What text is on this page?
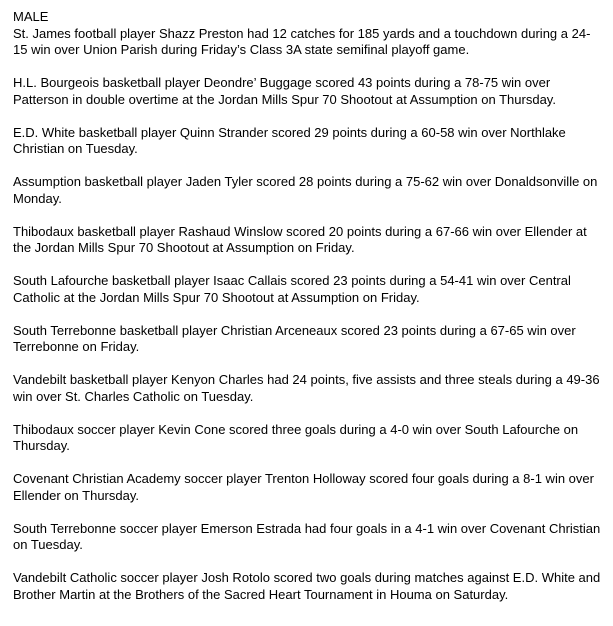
MALE

St. James football player Shazz Preston had 12 catches for 185 yards and a touchdown during a 24-15 win over Union Parish during Friday’s Class 3A state semifinal playoff game.
H.L. Bourgeois basketball player Deondre’ Buggage scored 43 points during a 78-75 win over Patterson in double overtime at the Jordan Mills Spur 70 Shootout at Assumption on Thursday.
E.D. White basketball player Quinn Strander scored 29 points during a 60-58 win over Northlake Christian on Tuesday.
Assumption basketball player Jaden Tyler scored 28 points during a 75-62 win over Donaldsonville on Monday.
Thibodaux basketball player Rashaud Winslow scored 20 points during a 67-66 win over Ellender at the Jordan Mills Spur 70 Shootout at Assumption on Friday.
South Lafourche basketball player Isaac Callais scored 23 points during a 54-41 win over Central Catholic at the Jordan Mills Spur 70 Shootout at Assumption on Friday.
South Terrebonne basketball player Christian Arceneaux scored 23 points during a 67-65 win over Terrebonne on Friday.
Vandebilt basketball player Kenyon Charles had 24 points, five assists and three steals during a 49-36 win over St. Charles Catholic on Tuesday.
Thibodaux soccer player Kevin Cone scored three goals during a 4-0 win over South Lafourche on Thursday.
Covenant Christian Academy soccer player Trenton Holloway scored four goals during a 8-1 win over Ellender on Thursday.
South Terrebonne soccer player Emerson Estrada had four goals in a 4-1 win over Covenant Christian on Tuesday.
Vandebilt Catholic soccer player Josh Rotolo scored two goals during matches against E.D. White and Brother Martin at the Brothers of the Sacred Heart Tournament in Houma on Saturday.
